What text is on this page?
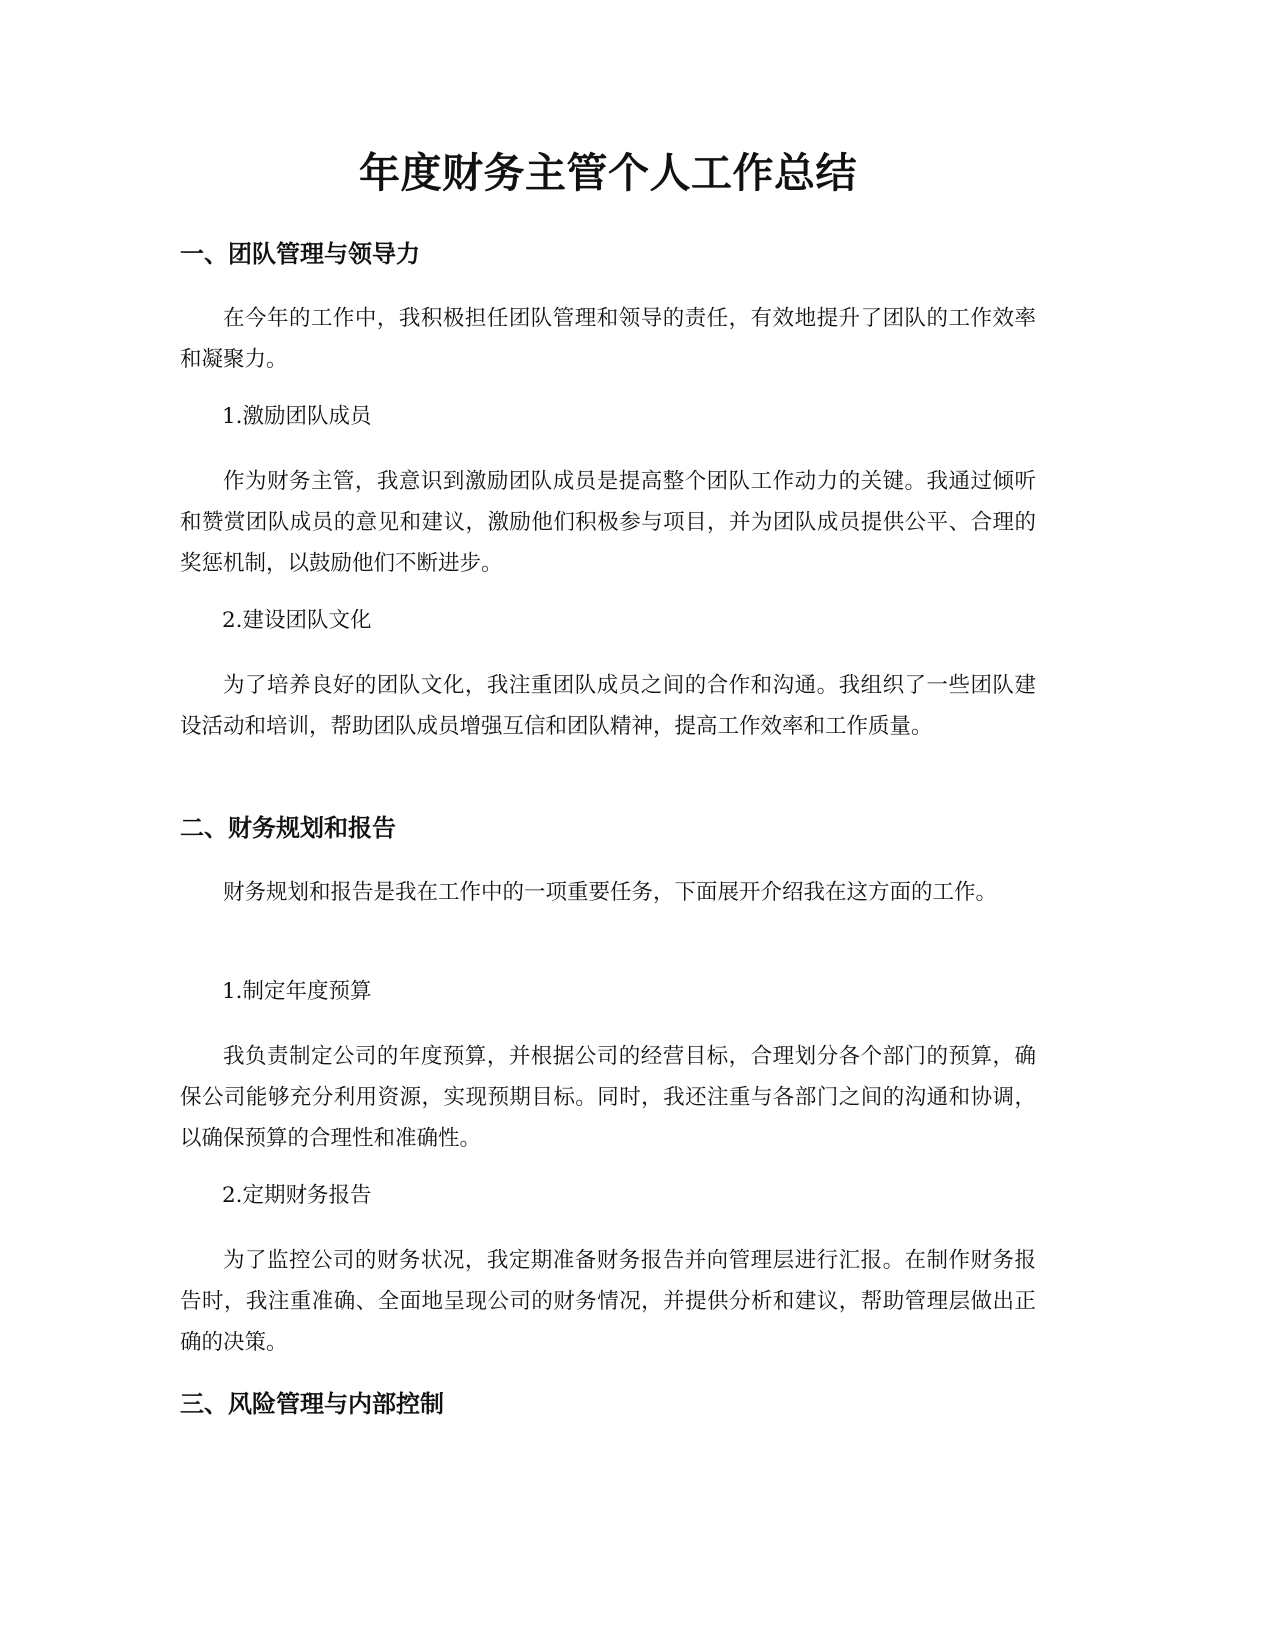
年度财务主管个人工作总结
一、团队管理与领导力

在今年的工作中，我积极担任团队管理和领导的责任，有效地提升了团队的工作效率和凝聚力。

1.激励团队成员

作为财务主管，我意识到激励团队成员是提高整个团队工作动力的关键。我通过倾听和赞赏团队成员的意见和建议，激励他们积极参与项目，并为团队成员提供公平、合理的奖惩机制，以鼓励他们不断进步。

2.建设团队文化

为了培养良好的团队文化，我注重团队成员之间的合作和沟通。我组织了一些团队建设活动和培训，帮助团队成员增强互信和团队精神，提高工作效率和工作质量。

二、财务规划和报告

财务规划和报告是我在工作中的一项重要任务，下面展开介绍我在这方面的工作。

1.制定年度预算

我负责制定公司的年度预算，并根据公司的经营目标，合理划分各个部门的预算，确保公司能够充分利用资源，实现预期目标。同时，我还注重与各部门之间的沟通和协调，以确保预算的合理性和准确性。

2.定期财务报告

为了监控公司的财务状况，我定期准备财务报告并向管理层进行汇报。在制作财务报告时，我注重准确、全面地呈现公司的财务情况，并提供分析和建议，帮助管理层做出正确的决策。

三、风险管理与内部控制
